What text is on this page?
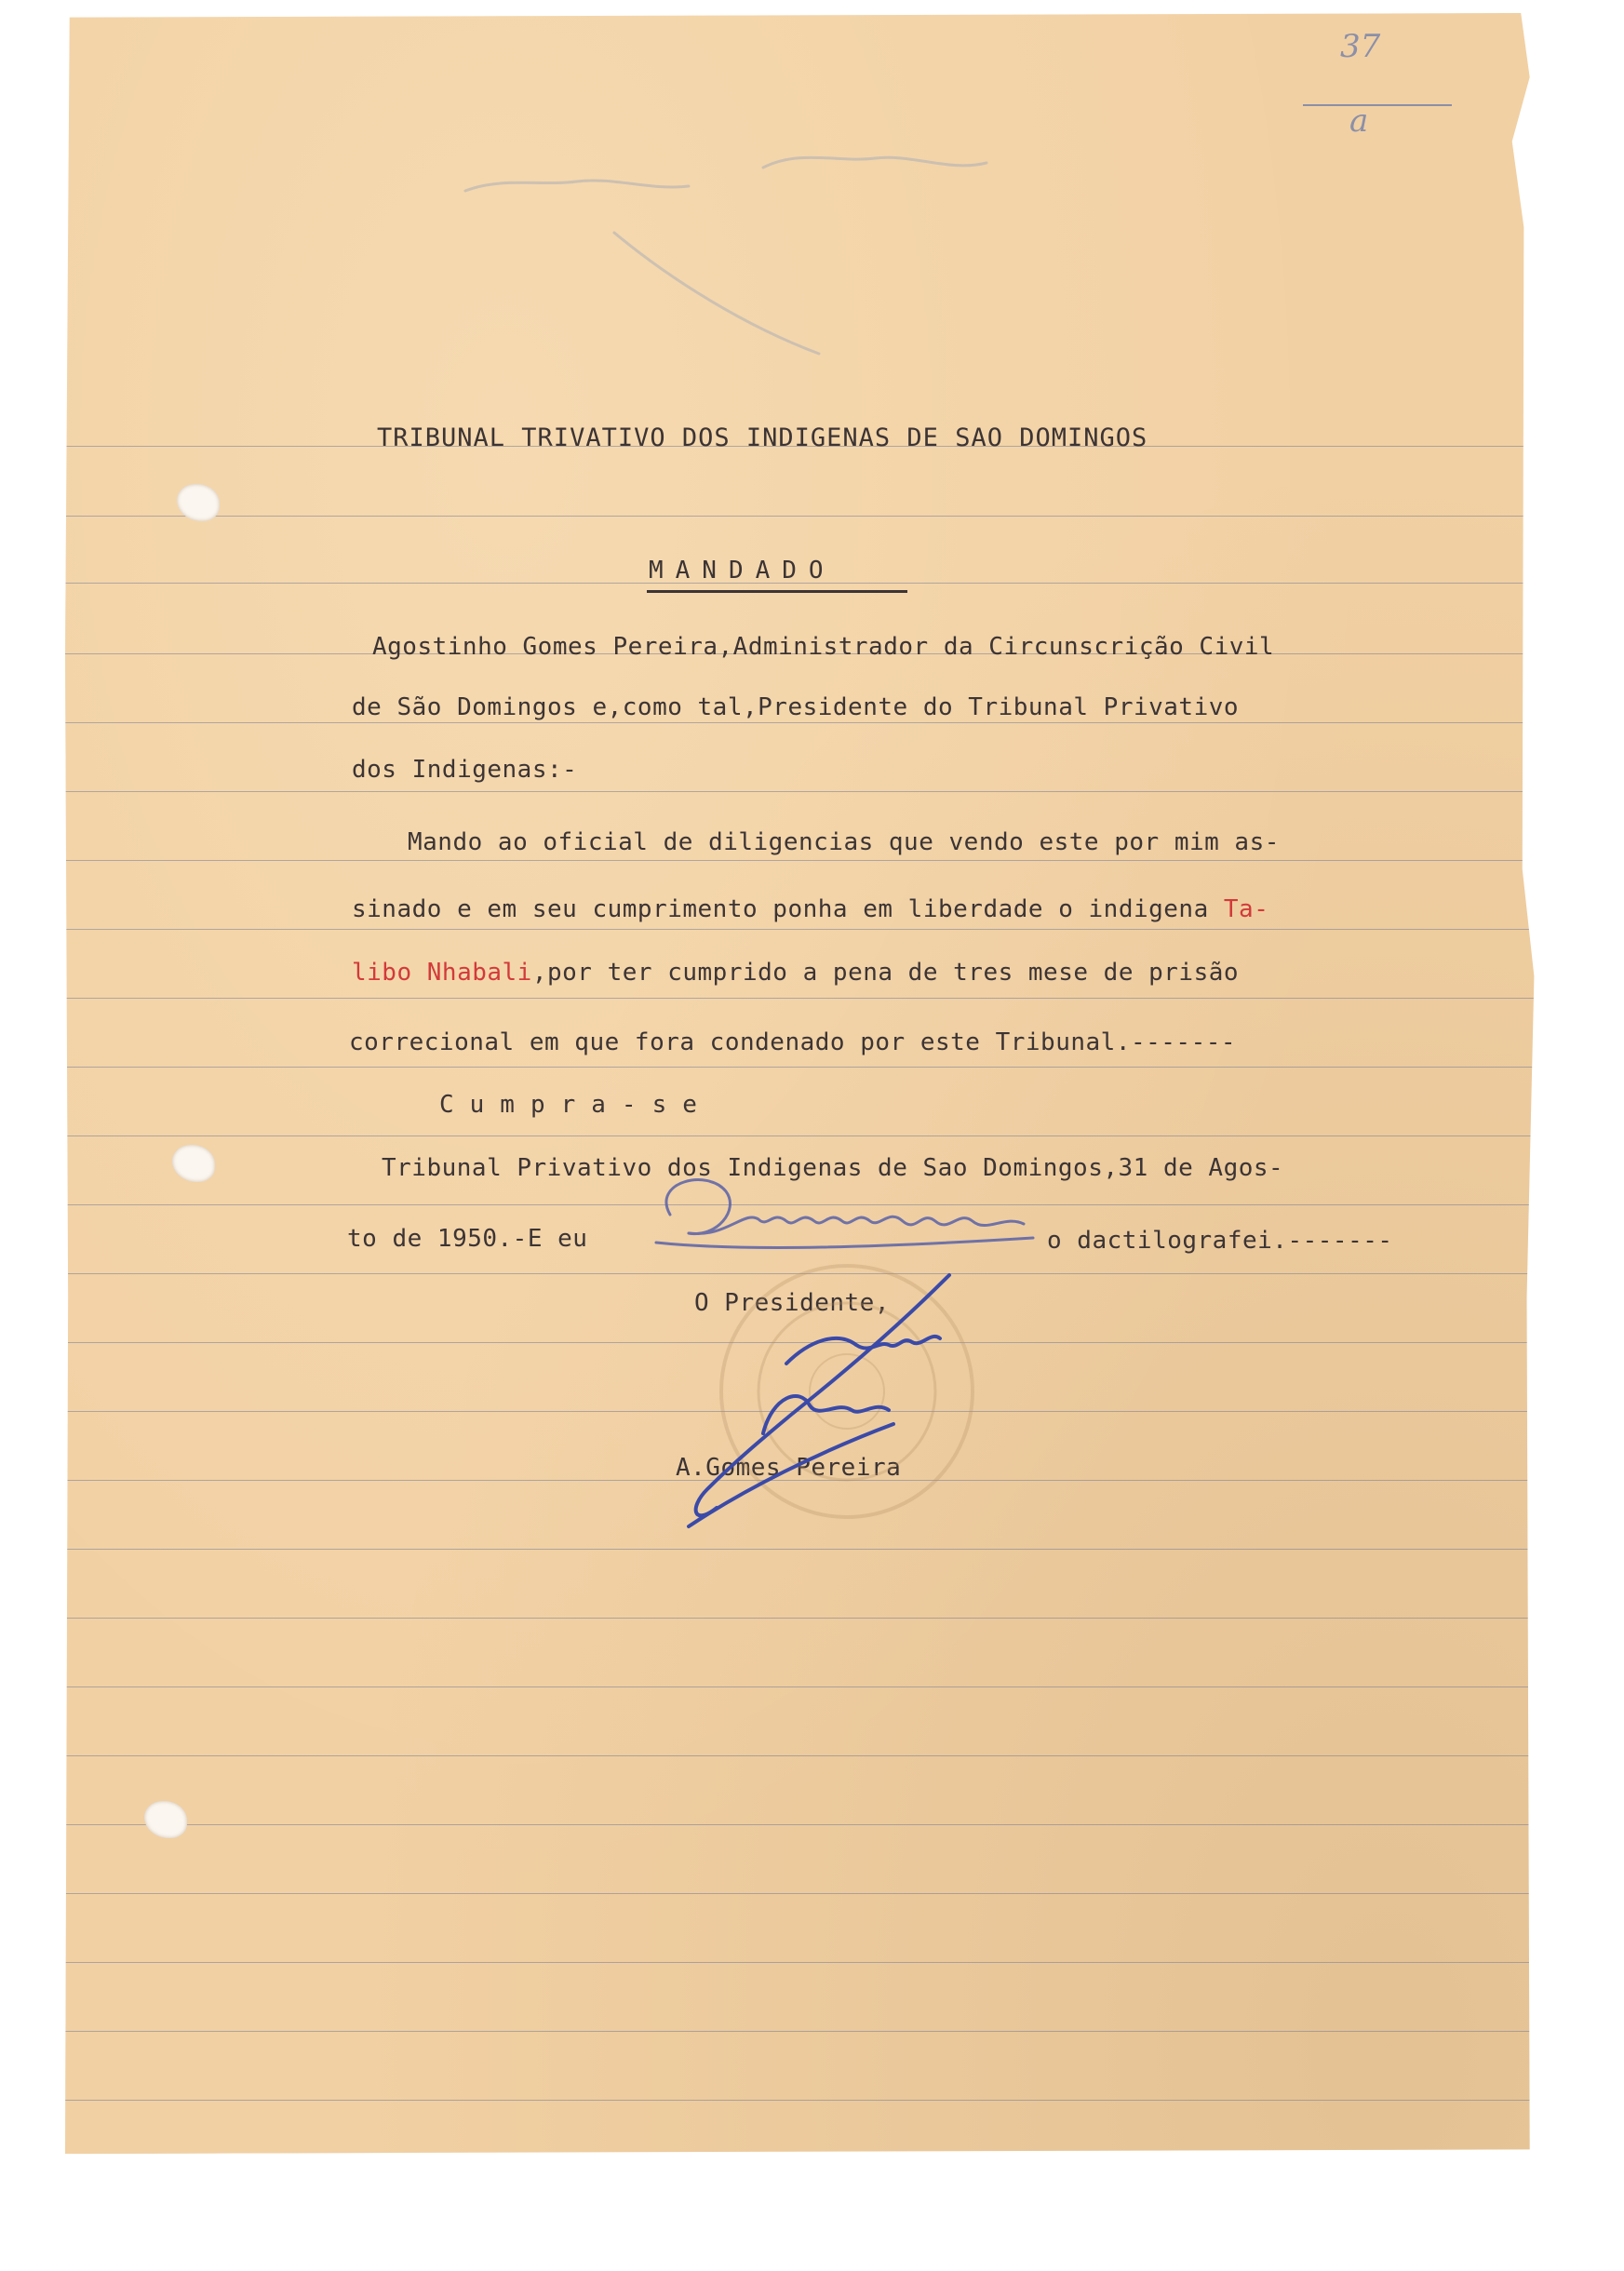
37
a
TRIBUNAL TRIVATIVO DOS INDIGENAS DE SAO DOMINGOS
MANDADO
Agostinho Gomes Pereira,Administrador da Circunscrição Civil
de São Domingos e,como tal,Presidente do Tribunal Privativo
dos Indigenas:-
Mando ao oficial de diligencias que vendo este por mim as-
sinado e em seu cumprimento ponha em liberdade o indigena Ta-
libo Nhabali,por ter cumprido a pena de tres mese de prisão
correcional em que fora condenado por este Tribunal.-------
Cumpra-se
Tribunal Privativo dos Indigenas de Sao Domingos,31 de Agos-
to de 1950.-E eu	o dactilografei.-------
O Presidente,
A.Gomes Pereira
